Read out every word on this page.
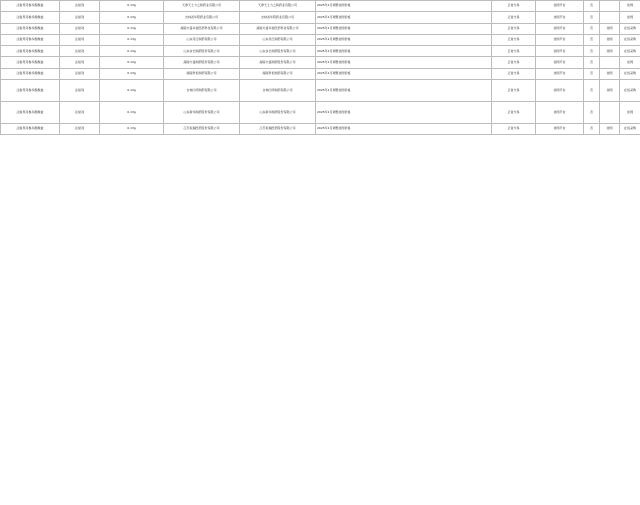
注射用丹参多酚酸盐	注射剂	0.13g	天津天士力之骄药业有限公司	天津天士力之骄药业有限公司	2025年1月调整挂网价格	正常交易	挂网平台	否		挂网
注射用丹参多酚酸盐	注射剂	0.13g	吉林省华阳药业有限公司	吉林省华阳药业有限公司	2025年1月调整挂网价格	正常交易	挂网平台	否		挂网
注射用丹参多酚酸盐	注射剂	0.13g	湖南方盛华美医药科技有限公司	湖南方盛华美医药科技有限公司	2025年1月调整挂网价格	正常交易	挂网平台	否	挂网	在线采购
注射用丹参多酚酸盐	注射剂	0.13g	山东丹红制药有限公司	山东丹红制药有限公司	2025年1月调整挂网价格	正常交易	挂网平台	否	挂网	在线采购
注射用丹参多酚酸盐	注射剂	0.13g	山东步长制药股份有限公司	山东步长制药股份有限公司	2025年1月调整挂网价格	正常交易	挂网平台	否	挂网	在线采购
注射用丹参多酚酸盐	注射剂	0.13g	湖南方盛制药股份有限公司	湖南方盛制药股份有限公司	2025年1月调整挂网价格	正常交易	挂网平台	否		挂网
注射用丹参多酚酸盐	注射剂	0.13g	湖南科伦制药有限公司	湖南科伦制药有限公司	2025年1月调整挂网价格	正常交易	挂网平台	否	挂网	在线采购
注射用丹参多酚酸盐	注射剂	0.13g	吉林四环制药有限公司	吉林四环制药有限公司	2025年1月调整挂网价格	正常交易	挂网平台	否	挂网	在线采购
注射用丹参多酚酸盐	注射剂	0.13g	山东新华制药股份有限公司	山东新华制药股份有限公司	2025年1月调整挂网价格	正常交易	挂网平台	否		挂网
注射用丹参多酚酸盐	注射剂	0.13g	江苏恒瑞医药股份有限公司	江苏恒瑞医药股份有限公司	2025年1月调整挂网价格	正常交易	挂网平台	否	挂网	在线采购
